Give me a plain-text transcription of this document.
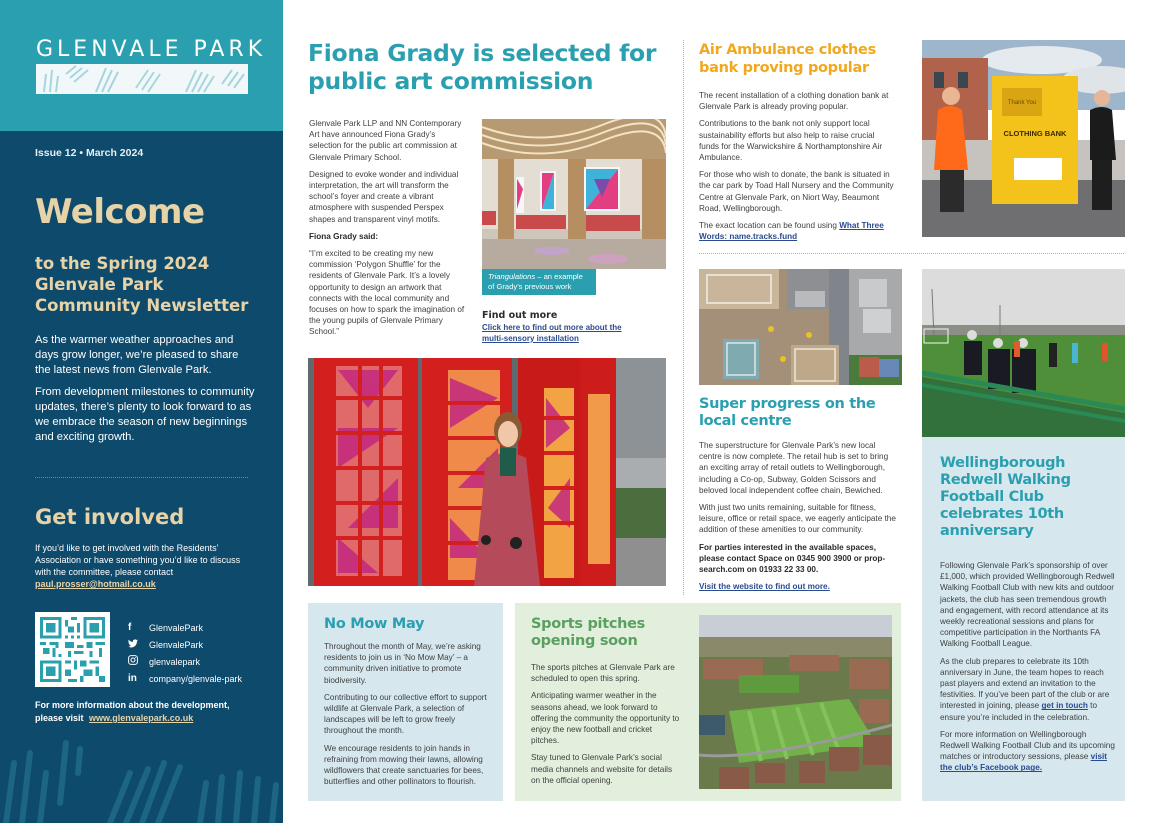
GLENVALE PARK
Issue 12 • March 2024
Welcome
to the Spring 2024 Glenvale Park Community Newsletter

As the warmer weather approaches and days grow longer, we’re pleased to share the latest news from Glenvale Park.

From development milestones to community updates, there’s plenty to look forward to as we embrace the season of new beginnings and exciting growth.

Get involved
If you’d like to get involved with the Residents’ Association or have something you’d like to discuss with the committee, please contact paul.prosser@hotmail.co.uk
f	GlenvalePark
GlenvalePark
glenvalepark
in	company/glenvale-park
For more information about the development, please visit www.glenvalepark.co.uk
Fiona Grady is selected for public art commission

Glenvale Park LLP and NN Contemporary Art have announced Fiona Grady’s selection for the public art commission at Glenvale Primary School.

Designed to evoke wonder and individual interpretation, the art will transform the school’s foyer and create a vibrant atmosphere with suspended Perspex shapes and transparent vinyl motifs.

Fiona Grady said:

“I’m excited to be creating my new commission ‘Polygon Shuffle’ for the residents of Glenvale Park. It’s a lovely opportunity to design an artwork that connects with the local community and focuses on how to spark the imagination of the young pupils of Glenvale Primary School.”

Triangulations – an example of Grady’s previous work
Find out more
Click here to find out more about the multi-sensory installation
Air Ambulance clothes bank proving popular

The recent installation of a clothing donation bank at Glenvale Park is already proving popular.

Contributions to the bank not only support local sustainability efforts but also help to raise crucial funds for the Warwickshire & Northamptonshire Air Ambulance.

For those who wish to donate, the bank is situated in the car park by Toad Hall Nursery and the Community Centre at Glenvale Park, on Niort Way, Beaumont Road, Wellingborough.

The exact location can be found using What Three Words: name.tracks.fund

Thank You
CLOTHING BANK
Super progress on the local centre

The superstructure for Glenvale Park’s new local centre is now complete. The retail hub is set to bring an exciting array of retail outlets to Wellingborough, including a Co-op, Subway, Golden Scissors and beloved local independent coffee chain, Bewiched.

With just two units remaining, suitable for fitness, leisure, office or retail space, we eagerly anticipate the addition of these amenities to our community.

For parties interested in the available spaces, please contact Space on 0345 900 3900 or prop-search.com on 01933 22 33 00.

Visit the website to find out more.

Wellingborough Redwell Walking Football Club celebrates 10th anniversary

Following Glenvale Park’s sponsorship of over £1,000, which provided Wellingborough Redwell Walking Football Club with new kits and outdoor jackets, the club has seen tremendous growth and engagement, with record attendance at its weekly recreational sessions and plans for competitive participation in the Northants FA Walking Football League.

As the club prepares to celebrate its 10th anniversary in June, the team hopes to reach past players and extend an invitation to the festivities. If you’ve been part of the club or are interested in joining, please get in touch to ensure you’re included in the celebration.

For more information on Wellingborough Redwell Walking Football Club and its upcoming matches or introductory sessions, please visit the club’s Facebook page.

No Mow May

Throughout the month of May, we’re asking residents to join us in ‘No Mow May’ – a community driven initiative to promote biodiversity.

Contributing to our collective effort to support wildlife at Glenvale Park, a selection of landscapes will be left to grow freely throughout the month.

We encourage residents to join hands in refraining from mowing their lawns, allowing wildflowers that create sanctuaries for bees, butterflies and other pollinators to flourish.

Sports pitches opening soon

The sports pitches at Glenvale Park are scheduled to open this spring.

Anticipating warmer weather in the seasons ahead, we look forward to offering the community the opportunity to enjoy the new football and cricket pitches.

Stay tuned to Glenvale Park’s social media channels and website for details on the official opening.
